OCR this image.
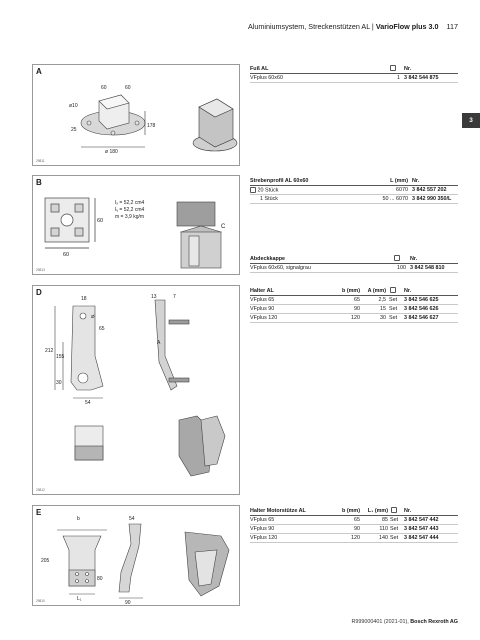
Aluminiumsystem, Streckenstützen AL | VarioFlow plus 3.0 117
3
A
ø10
25
ø 180
60	60
178
29811
Fuß AL	Nr.
VFplus 60x60	1 3 842 544 875
B
60
60
Iₓ = 52,2 cm4
Iᵧ = 52,2 cm4
m = 3,9 kg/m
C
29813
Strebenprofil AL 60x60	L (mm) Nr.
20 Stück	6070 3 842 557 202
1 Stück	50 ... 6070 3 842 990 350/L
Abdeckkappe	Nr.
VFplus 60x60, signalgrau	100 3 842 548 810
D
18
212
155
30
54
65
Ø
13	7
A
29812
Halter AL	b (mm)	A (mm)	Nr.
VFplus 65	65	2,5 Set	3 842 546 625
VFplus 90	90	15 Set	3 842 546 626
VFplus 120	120	30 Set	3 842 546 627
E
b	54
205
80
L₁
90
29810
Halter Motorstütze AL	b (mm)	L₁ (mm)	Nr.
VFplus 65	65	85 Set	3 842 547 442
VFplus 90	90	110 Set	3 842 547 443
VFplus 120	120	140 Set	3 842 547 444
R999000401 (2021-01), Bosch Rexroth AG
